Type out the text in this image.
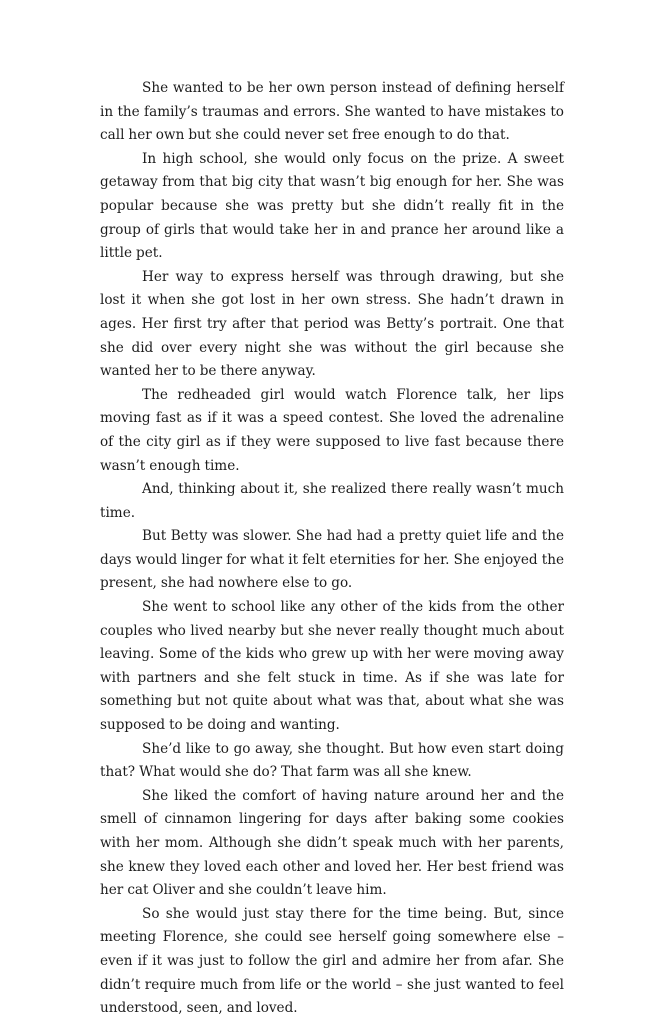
She wanted to be her own person instead of defining herself in the family’s traumas and errors. She wanted to have mistakes to call her own but she could never set free enough to do that.

In high school, she would only focus on the prize. A sweet getaway from that big city that wasn’t big enough for her. She was popular because she was pretty but she didn’t really fit in the group of girls that would take her in and prance her around like a little pet.

Her way to express herself was through drawing, but she lost it when she got lost in her own stress. She hadn’t drawn in ages. Her first try after that period was Betty’s portrait. One that she did over every night she was without the girl because she wanted her to be there anyway.

The redheaded girl would watch Florence talk, her lips moving fast as if it was a speed contest. She loved the adrenaline of the city girl as if they were supposed to live fast because there wasn’t enough time.

And, thinking about it, she realized there really wasn’t much time.

But Betty was slower. She had had a pretty quiet life and the days would linger for what it felt eternities for her. She enjoyed the present, she had nowhere else to go.

She went to school like any other of the kids from the other couples who lived nearby but she never really thought much about leaving. Some of the kids who grew up with her were moving away with partners and she felt stuck in time. As if she was late for something but not quite about what was that, about what she was supposed to be doing and wanting.

She’d like to go away, she thought. But how even start doing that? What would she do? That farm was all she knew.

She liked the comfort of having nature around her and the smell of cinnamon lingering for days after baking some cookies with her mom. Although she didn’t speak much with her parents, she knew they loved each other and loved her. Her best friend was her cat Oliver and she couldn’t leave him.

So she would just stay there for the time being. But, since meeting Florence, she could see herself going somewhere else – even if it was just to follow the girl and admire her from afar. She didn’t require much from life or the world – she just wanted to feel understood, seen, and loved.
